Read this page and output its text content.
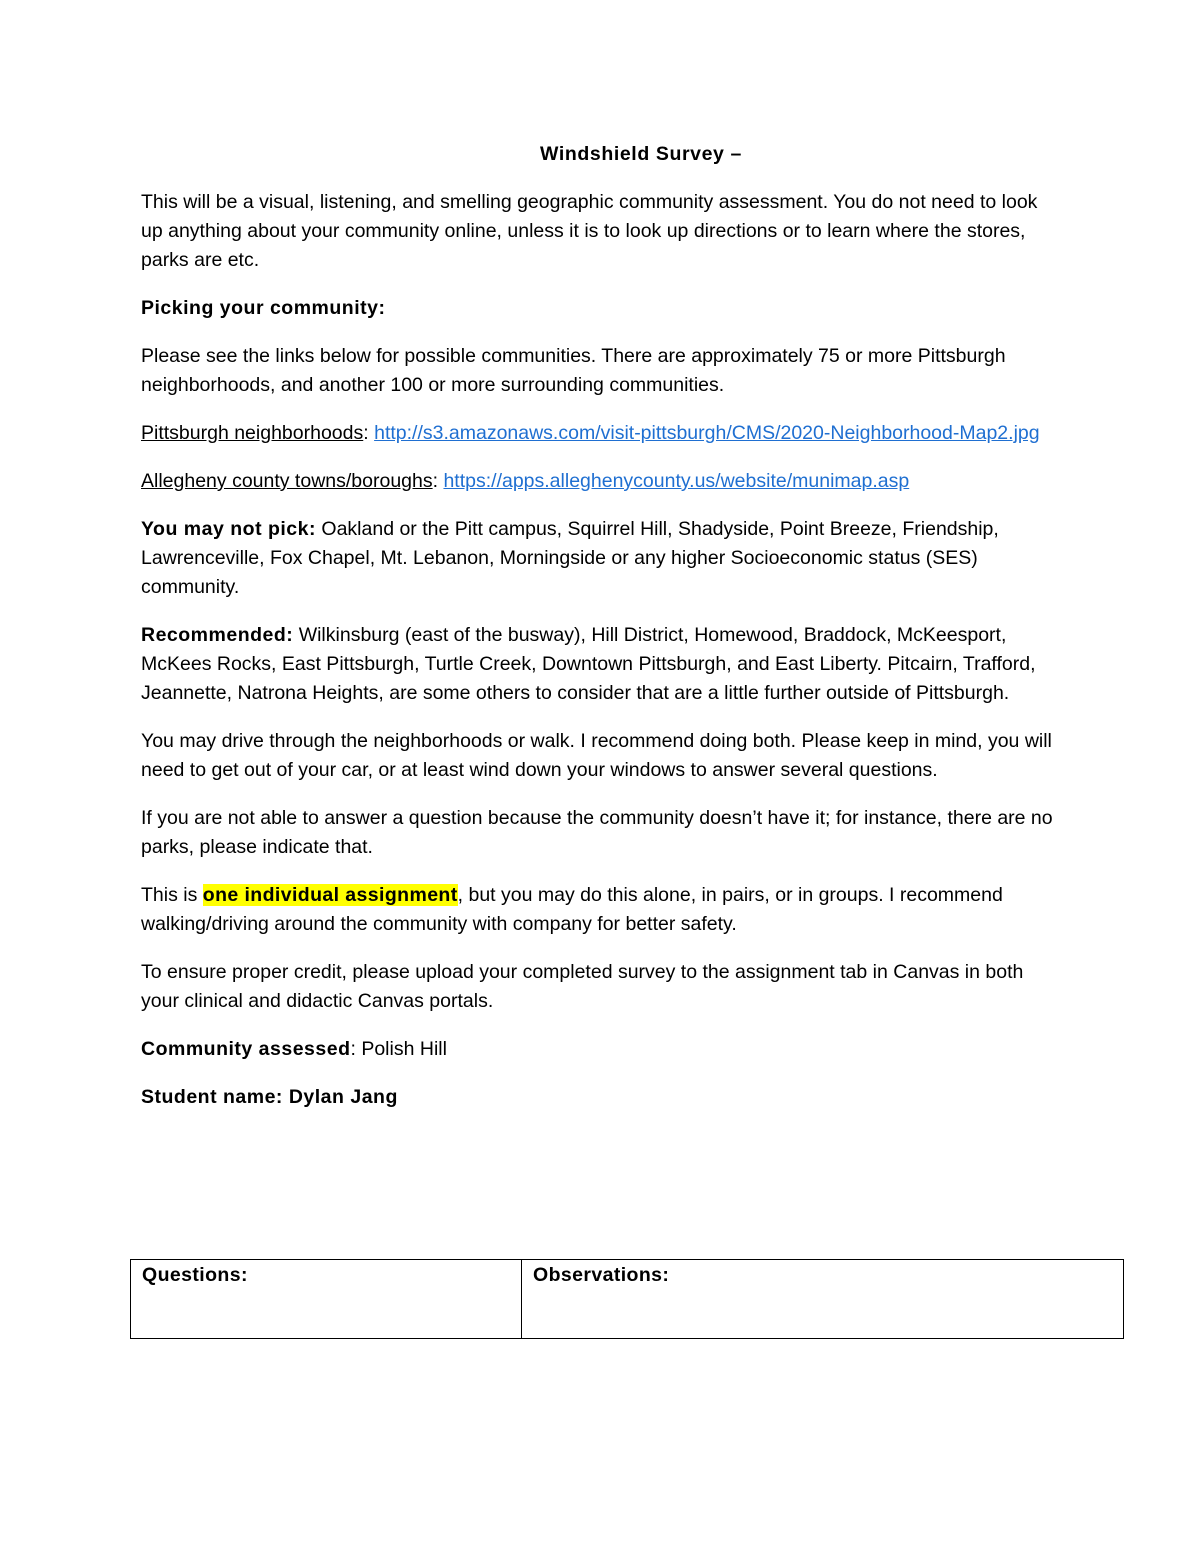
Windshield Survey –

This will be a visual, listening, and smelling geographic community assessment. You do not need to look up anything about your community online, unless it is to look up directions or to learn where the stores, parks are etc.

Picking your community:

Please see the links below for possible communities. There are approximately 75 or more Pittsburgh neighborhoods, and another 100 or more surrounding communities.

Pittsburgh neighborhoods: http://s3.amazonaws.com/visit-pittsburgh/CMS/2020-Neighborhood-Map2.jpg

Allegheny county towns/boroughs: https://apps.alleghenycounty.us/website/munimap.asp

You may not pick: Oakland or the Pitt campus, Squirrel Hill, Shadyside, Point Breeze, Friendship, Lawrenceville, Fox Chapel, Mt. Lebanon, Morningside or any higher Socioeconomic status (SES) community.

Recommended: Wilkinsburg (east of the busway), Hill District, Homewood, Braddock, McKeesport, McKees Rocks, East Pittsburgh, Turtle Creek, Downtown Pittsburgh, and East Liberty. Pitcairn, Trafford, Jeannette, Natrona Heights, are some others to consider that are a little further outside of Pittsburgh.

You may drive through the neighborhoods or walk. I recommend doing both. Please keep in mind, you will need to get out of your car, or at least wind down your windows to answer several questions.

If you are not able to answer a question because the community doesn’t have it; for instance, there are no parks, please indicate that.

This is one individual assignment, but you may do this alone, in pairs, or in groups. I recommend walking/driving around the community with company for better safety.

To ensure proper credit, please upload your completed survey to the assignment tab in Canvas in both your clinical and didactic Canvas portals.

Community assessed: Polish Hill

Student name: Dylan Jang

Questions:	Observations:
